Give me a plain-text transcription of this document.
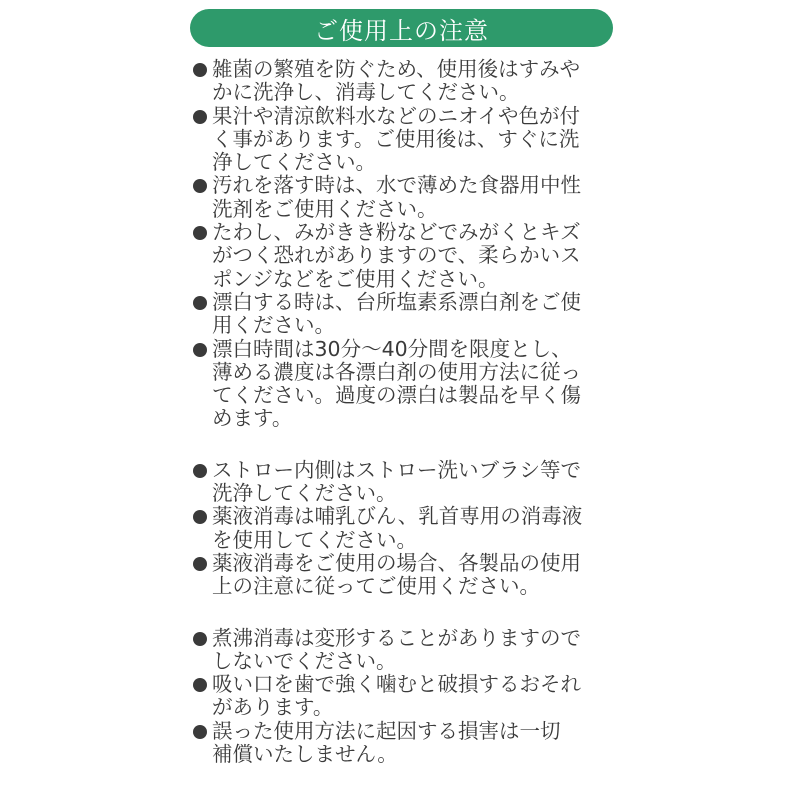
ご使用上の注意
雑菌の繁殖を防ぐため、使用後はすみや
かに洗浄し、消毒してください。
果汁や清涼飲料水などのニオイや色が付
く事があります。ご使用後は、すぐに洗
浄してください。
汚れを落す時は、水で薄めた食器用中性
洗剤をご使用ください。
たわし、みがきき粉などでみがくとキズ
がつく恐れがありますので、柔らかいス
ポンジなどをご使用ください。
漂白する時は、台所塩素系漂白剤をご使
用ください。
漂白時間は30分〜40分間を限度とし、
薄める濃度は各漂白剤の使用方法に従っ
てください。過度の漂白は製品を早く傷
めます。
ストロー内側はストロー洗いブラシ等で
洗浄してください。
薬液消毒は哺乳びん、乳首専用の消毒液
を使用してください。
薬液消毒をご使用の場合、各製品の使用
上の注意に従ってご使用ください。
煮沸消毒は変形することがありますので
しないでください。
吸い口を歯で強く噛むと破損するおそれ
があります。
誤った使用方法に起因する損害は一切
補償いたしません。
